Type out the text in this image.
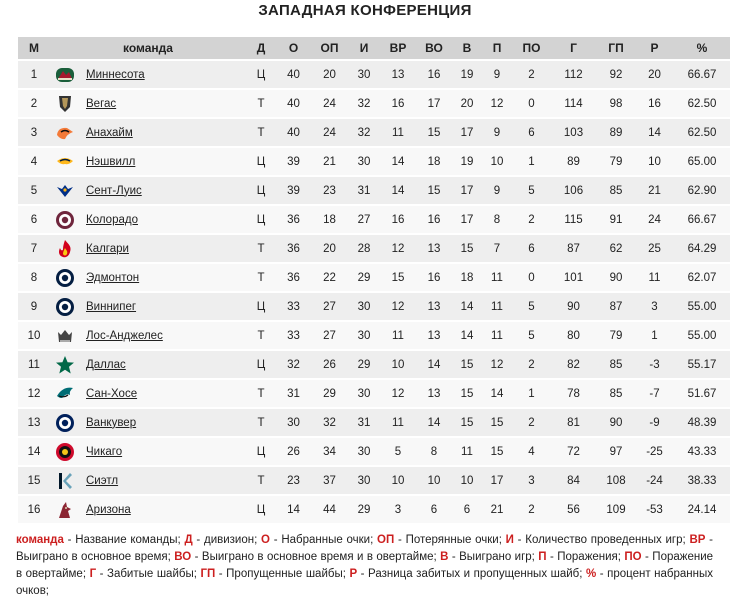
ЗАПАДНАЯ КОНФЕРЕНЦИЯ
М	команда	Д	О	ОП	И	ВР	ВО	В	П	ПО	Г	ГП	Р	%
1	Миннесота	Ц	40	20	30	13	16	19	9	2	112	92	20	66.67
2	Вегас	Т	40	24	32	16	17	20	12	0	114	98	16	62.50
3	Анахайм	Т	40	24	32	11	15	17	9	6	103	89	14	62.50
4	Нэшвилл	Ц	39	21	30	14	18	19	10	1	89	79	10	65.00
5	Сент-Луис	Ц	39	23	31	14	15	17	9	5	106	85	21	62.90
6	Колорадо	Ц	36	18	27	16	16	17	8	2	115	91	24	66.67
7	Калгари	Т	36	20	28	12	13	15	7	6	87	62	25	64.29
8	Эдмонтон	Т	36	22	29	15	16	18	11	0	101	90	11	62.07
9	Виннипег	Ц	33	27	30	12	13	14	11	5	90	87	3	55.00
10	Лос-Анджелес	Т	33	27	30	11	13	14	11	5	80	79	1	55.00
11	Даллас	Ц	32	26	29	10	14	15	12	2	82	85	-3	55.17
12	Сан-Хосе	Т	31	29	30	12	13	15	14	1	78	85	-7	51.67
13	Ванкувер	Т	30	32	31	11	14	15	15	2	81	90	-9	48.39
14	Чикаго	Ц	26	34	30	5	8	11	15	4	72	97	-25	43.33
15	Сиэтл	Т	23	37	30	10	10	10	17	3	84	108	-24	38.33
16	Аризона	Ц	14	44	29	3	6	6	21	2	56	109	-53	24.14
команда - Название команды; Д - дивизион; О - Набранные очки; ОП - Потерянные очки; И - Количество проведенных игр; ВР - Выиграно в основное время; ВО - Выиграно в основное время и в овертайме; В - Выиграно игр; П - Поражения; ПО - Поражение в овертайме; Г - Забитые шайбы; ГП - Пропущенные шайбы; Р - Разница забитых и пропущенных шайб; % - процент набранных очков;
